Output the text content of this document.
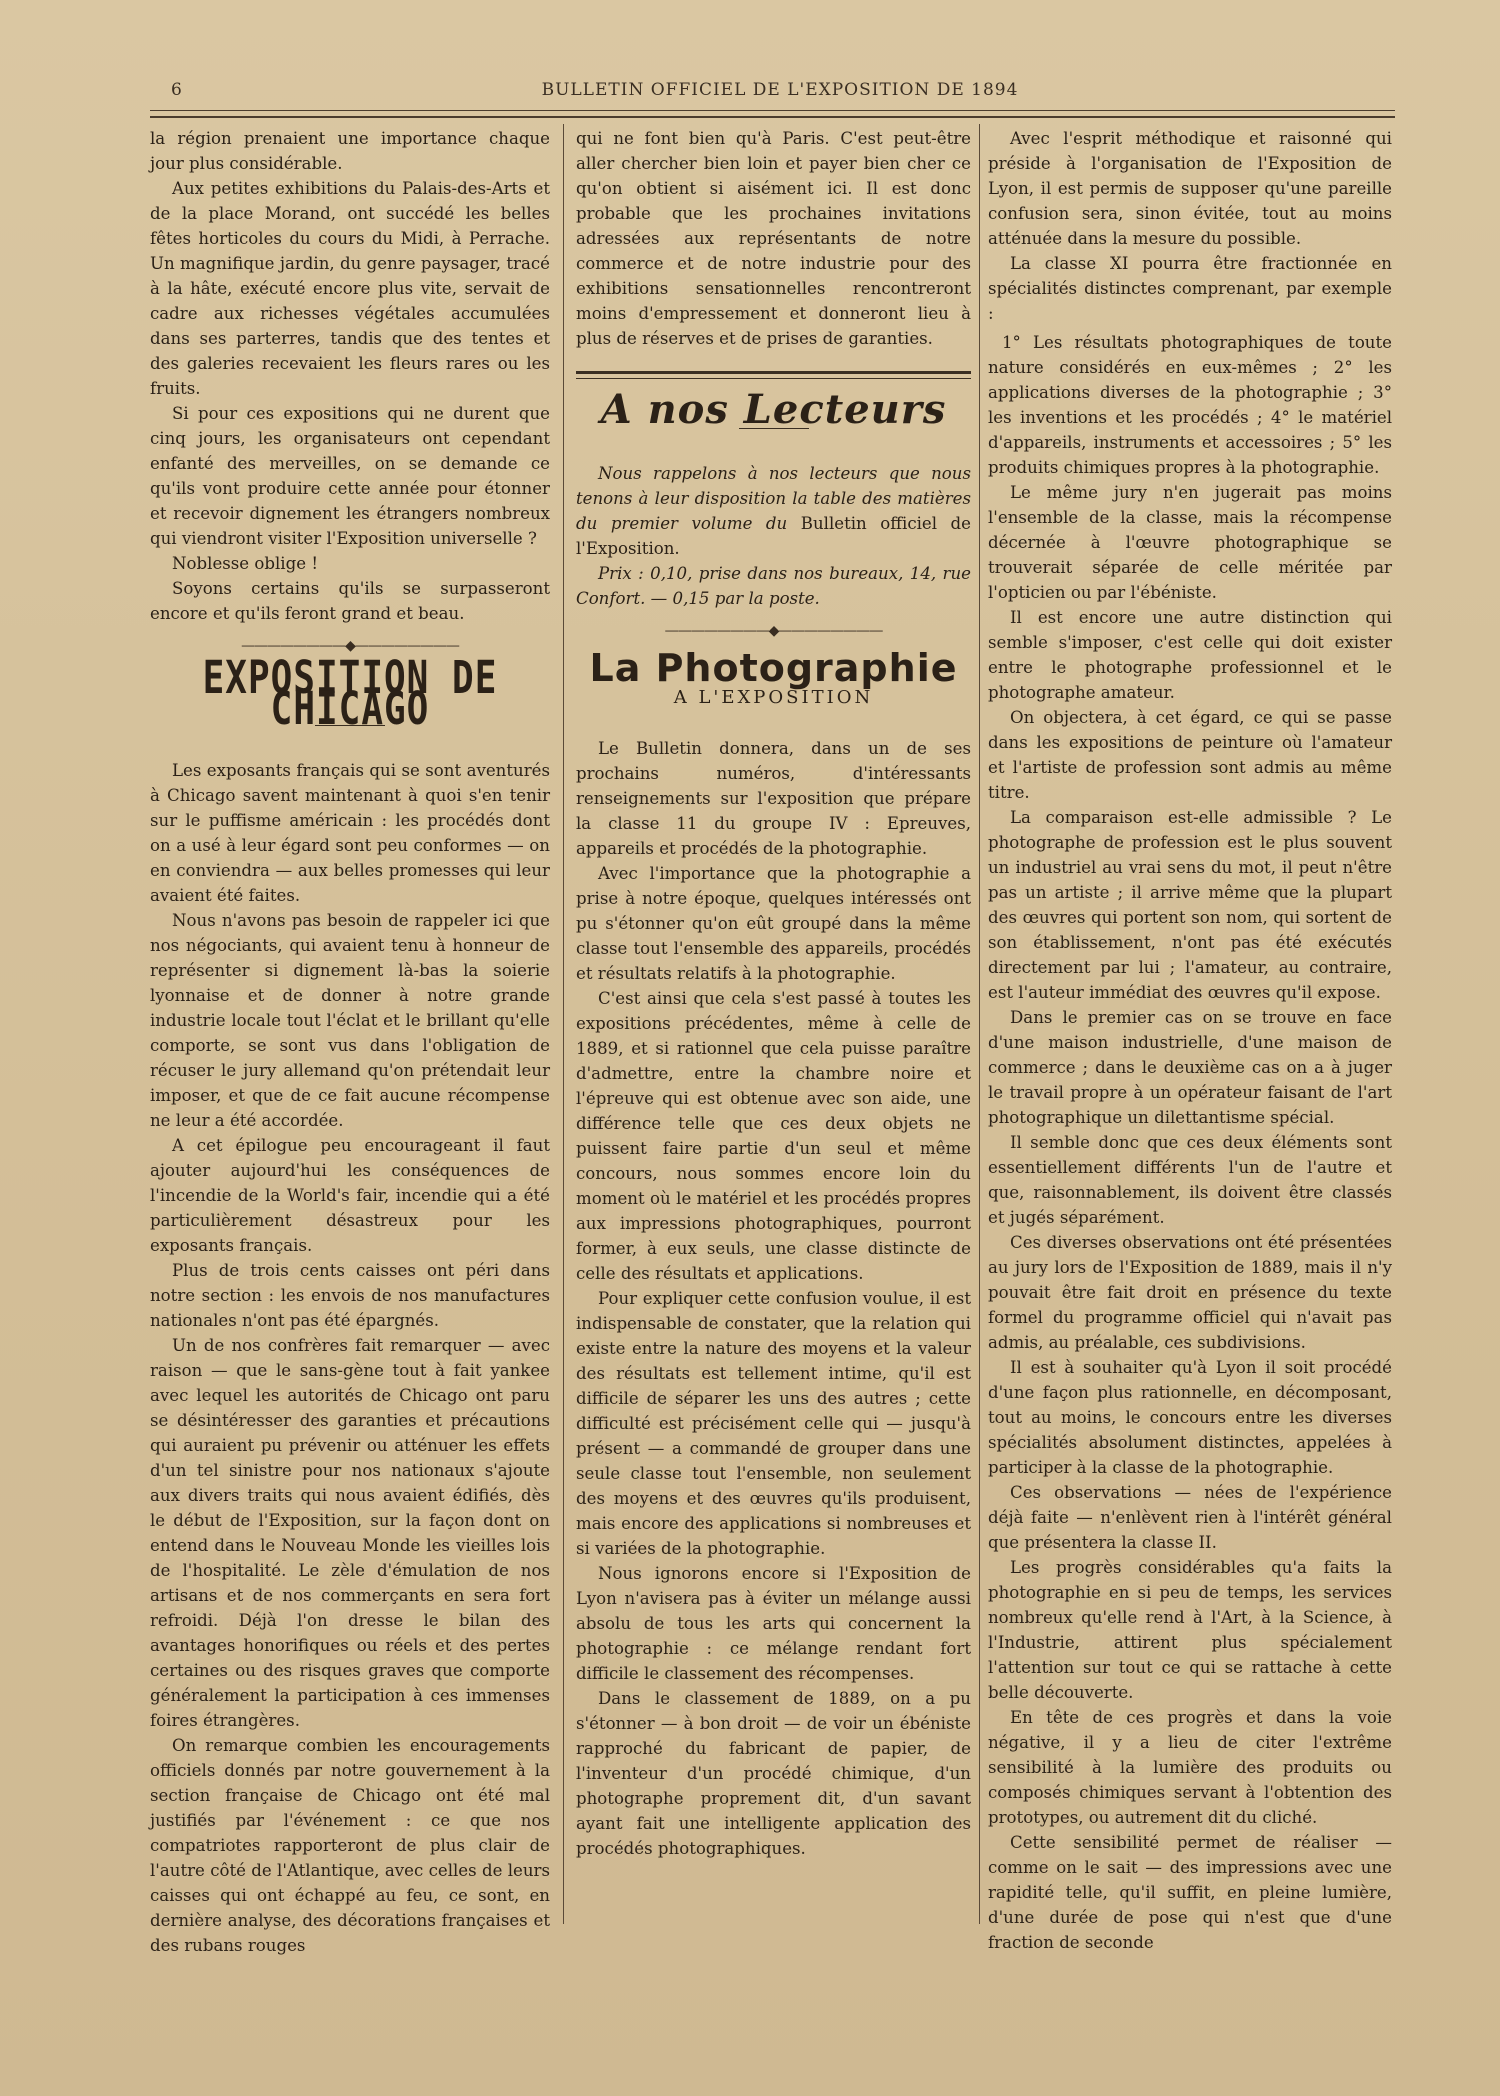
6	BULLETIN OFFICIEL DE L'EXPOSITION DE 1894

la région prenaient une importance chaque jour plus considérable.

Aux petites exhibitions du Palais-des-Arts et de la place Morand, ont succédé les belles fêtes horticoles du cours du Midi, à Perrache. Un magnifique jardin, du genre paysager, tracé à la hâte, exécuté encore plus vite, servait de cadre aux richesses végétales accumulées dans ses parterres, tandis que des tentes et des galeries recevaient les fleurs rares ou les fruits.

Si pour ces expositions qui ne durent que cinq jours, les organisateurs ont cependant enfanté des merveilles, on se demande ce qu'ils vont produire cette année pour étonner et recevoir dignement les étrangers nombreux qui viendront visiter l'Exposition universelle ?

Noblesse oblige !

Soyons certains qu'ils se surpasseront encore et qu'ils feront grand et beau.

————————◆————————
EXPOSITION DE CHICAGO

Les exposants français qui se sont aventurés à Chicago savent maintenant à quoi s'en tenir sur le puffisme américain : les procédés dont on a usé à leur égard sont peu conformes — on en conviendra — aux belles promesses qui leur avaient été faites.

Nous n'avons pas besoin de rappeler ici que nos négociants, qui avaient tenu à honneur de représenter si dignement là-bas la soierie lyonnaise et de donner à notre grande industrie locale tout l'éclat et le brillant qu'elle comporte, se sont vus dans l'obligation de récuser le jury allemand qu'on prétendait leur imposer, et que de ce fait aucune récompense ne leur a été accordée.

A cet épilogue peu encourageant il faut ajouter aujourd'hui les conséquences de l'incendie de la World's fair, incendie qui a été particulièrement désastreux pour les exposants français.

Plus de trois cents caisses ont péri dans notre section : les envois de nos manufactures nationales n'ont pas été épargnés.

Un de nos confrères fait remarquer — avec raison — que le sans-gène tout à fait yankee avec lequel les autorités de Chicago ont paru se désintéresser des garanties et précautions qui auraient pu prévenir ou atténuer les effets d'un tel sinistre pour nos nationaux s'ajoute aux divers traits qui nous avaient édifiés, dès le début de l'Exposition, sur la façon dont on entend dans le Nouveau Monde les vieilles lois de l'hospitalité. Le zèle d'émulation de nos artisans et de nos commerçants en sera fort refroidi. Déjà l'on dresse le bilan des avantages honorifiques ou réels et des pertes certaines ou des risques graves que comporte généralement la participation à ces immenses foires étrangères.

On remarque combien les encouragements officiels donnés par notre gouvernement à la section française de Chicago ont été mal justifiés par l'événement : ce que nos compatriotes rapporteront de plus clair de l'autre côté de l'Atlantique, avec celles de leurs caisses qui ont échappé au feu, ce sont, en dernière analyse, des décorations françaises et des rubans rouges

qui ne font bien qu'à Paris. C'est peut-être aller chercher bien loin et payer bien cher ce qu'on obtient si aisément ici. Il est donc probable que les prochaines invitations adressées aux représentants de notre commerce et de notre industrie pour des exhibitions sensationnelles rencontreront moins d'empressement et donneront lieu à plus de réserves et de prises de garanties.

A nos Lecteurs

Nous rappelons à nos lecteurs que nous tenons à leur disposition la table des matières du premier volume du Bulletin officiel de l'Exposition.

Prix : 0,10, prise dans nos bureaux, 14, rue Confort. — 0,15 par la poste.

————————◆————————
La Photographie
A L'EXPOSITION

Le Bulletin donnera, dans un de ses prochains numéros, d'intéressants renseignements sur l'exposition que prépare la classe 11 du groupe IV : Epreuves, appareils et procédés de la photographie.

Avec l'importance que la photographie a prise à notre époque, quelques intéressés ont pu s'étonner qu'on eût groupé dans la même classe tout l'ensemble des appareils, procédés et résultats relatifs à la photographie.

C'est ainsi que cela s'est passé à toutes les expositions précédentes, même à celle de 1889, et si rationnel que cela puisse paraître d'admettre, entre la chambre noire et l'épreuve qui est obtenue avec son aide, une différence telle que ces deux objets ne puissent faire partie d'un seul et même concours, nous sommes encore loin du moment où le matériel et les procédés propres aux impressions photographiques, pourront former, à eux seuls, une classe distincte de celle des résultats et applications.

Pour expliquer cette confusion voulue, il est indispensable de constater, que la relation qui existe entre la nature des moyens et la valeur des résultats est tellement intime, qu'il est difficile de séparer les uns des autres ; cette difficulté est précisément celle qui — jusqu'à présent — a commandé de grouper dans une seule classe tout l'ensemble, non seulement des moyens et des œuvres qu'ils produisent, mais encore des applications si nombreuses et si variées de la photographie.

Nous ignorons encore si l'Exposition de Lyon n'avisera pas à éviter un mélange aussi absolu de tous les arts qui concernent la photographie : ce mélange rendant fort difficile le classement des récompenses.

Dans le classement de 1889, on a pu s'étonner — à bon droit — de voir un ébéniste rapproché du fabricant de papier, de l'inventeur d'un procédé chimique, d'un photographe proprement dit, d'un savant ayant fait une intelligente application des procédés photographiques.

Avec l'esprit méthodique et raisonné qui préside à l'organisation de l'Exposition de Lyon, il est permis de supposer qu'une pareille confusion sera, sinon évitée, tout au moins atténuée dans la mesure du possible.

La classe XI pourra être fractionnée en spécialités distinctes comprenant, par exemple :

1° Les résultats photographiques de toute nature considérés en eux-mêmes ; 2° les applications diverses de la photographie ; 3° les inventions et les procédés ; 4° le matériel d'appareils, instruments et accessoires ; 5° les produits chimiques propres à la photographie.

Le même jury n'en jugerait pas moins l'ensemble de la classe, mais la récompense décernée à l'œuvre photographique se trouverait séparée de celle méritée par l'opticien ou par l'ébéniste.

Il est encore une autre distinction qui semble s'imposer, c'est celle qui doit exister entre le photographe professionnel et le photographe amateur.

On objectera, à cet égard, ce qui se passe dans les expositions de peinture où l'amateur et l'artiste de profession sont admis au même titre.

La comparaison est-elle admissible ? Le photographe de profession est le plus souvent un industriel au vrai sens du mot, il peut n'être pas un artiste ; il arrive même que la plupart des œuvres qui portent son nom, qui sortent de son établissement, n'ont pas été exécutés directement par lui ; l'amateur, au contraire, est l'auteur immédiat des œuvres qu'il expose.

Dans le premier cas on se trouve en face d'une maison industrielle, d'une maison de commerce ; dans le deuxième cas on a à juger le travail propre à un opérateur faisant de l'art photographique un dilettantisme spécial.

Il semble donc que ces deux éléments sont essentiellement différents l'un de l'autre et que, raisonnablement, ils doivent être classés et jugés séparément.

Ces diverses observations ont été présentées au jury lors de l'Exposition de 1889, mais il n'y pouvait être fait droit en présence du texte formel du programme officiel qui n'avait pas admis, au préalable, ces subdivisions.

Il est à souhaiter qu'à Lyon il soit procédé d'une façon plus rationnelle, en décomposant, tout au moins, le concours entre les diverses spécialités absolument distinctes, appelées à participer à la classe de la photographie.

Ces observations — nées de l'expérience déjà faite — n'enlèvent rien à l'intérêt général que présentera la classe II.

Les progrès considérables qu'a faits la photographie en si peu de temps, les services nombreux qu'elle rend à l'Art, à la Science, à l'Industrie, attirent plus spécialement l'attention sur tout ce qui se rattache à cette belle découverte.

En tête de ces progrès et dans la voie négative, il y a lieu de citer l'extrême sensibilité à la lumière des produits ou composés chimiques servant à l'obtention des prototypes, ou autrement dit du cliché.

Cette sensibilité permet de réaliser — comme on le sait — des impressions avec une rapidité telle, qu'il suffit, en pleine lumière, d'une durée de pose qui n'est que d'une fraction de seconde
